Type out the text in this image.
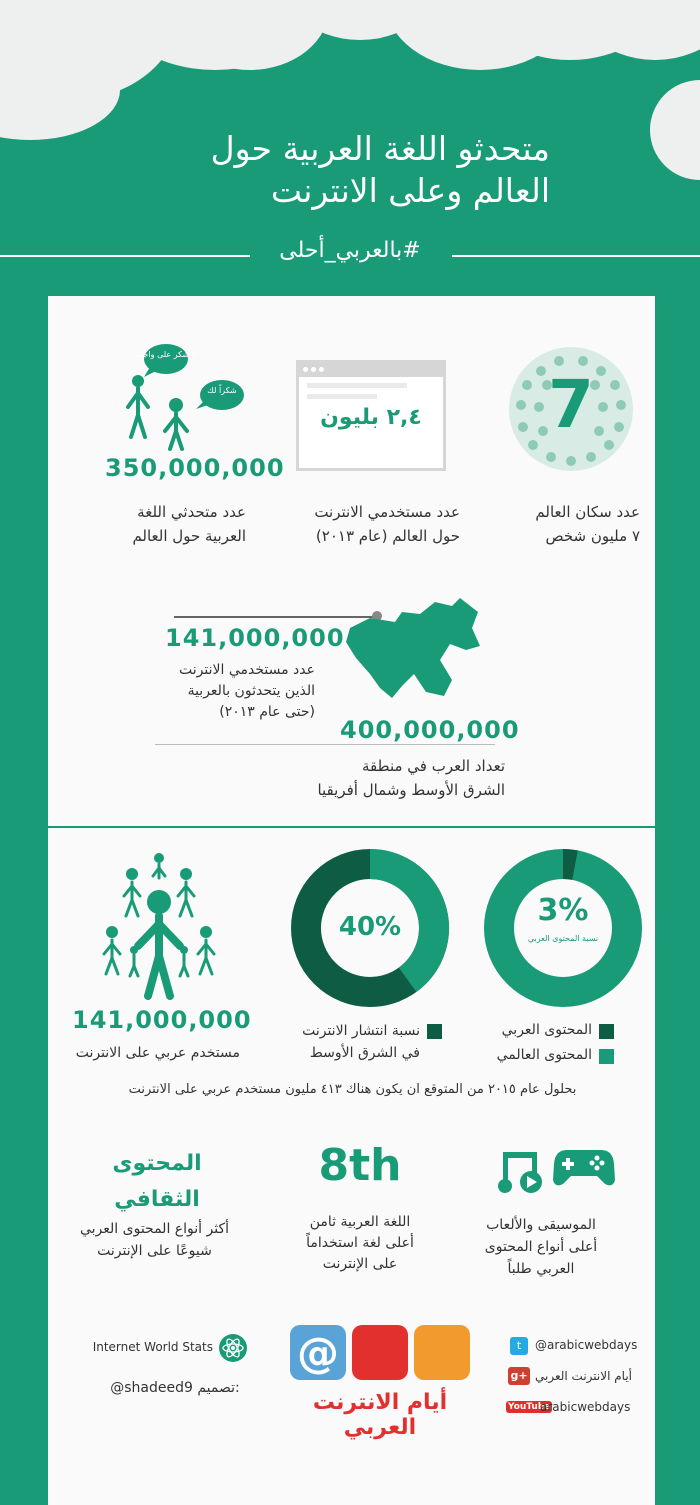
متحدثو اللغة العربية حول
العالم وعلى الانترنت
#بالعربي_أحلى
7
عدد سكان العالم
٧ مليون شخص
٢,٤ بليون
عدد مستخدمي الانترنت
حول العالم (عام ٢٠١٣)
لا شكر على واجب
شكراً لك
350,000,000
عدد متحدثي اللغة
العربية حول العالم
141,000,000
عدد مستخدمي الانترنت
الذين يتحدثون بالعربية
(حتى عام ٢٠١٣)
400,000,000
تعداد العرب في منطقة
الشرق الأوسط وشمال أفريقيا
3%
نسبة المحتوى العربي
40%
المحتوى العربي
المحتوى العالمي
نسبة انتشار الانترنت
في الشرق الأوسط
141,000,000
مستخدم عربي على الانترنت
بحلول عام ٢٠١٥ من المتوقع ان يكون هناك ٤١٣ مليون مستخدم عربي على الانترنت
الموسيقى والألعاب
أعلى أنواع المحتوى
العربي طلباً
8th
اللغة العربية ثامن
أعلى لغة استخداماً
على الإنترنت
المحتوى
الثقافي
أكثر أنواع المحتوى العربي
شيوعًا على الإنترنت
Internet World Stats
@shadeed9 تصميم:
@
أيام الانترنت العربي
t	@arabicwebdays
g+ أيام الانترنت العربي
YouTube
arabicwebdays
